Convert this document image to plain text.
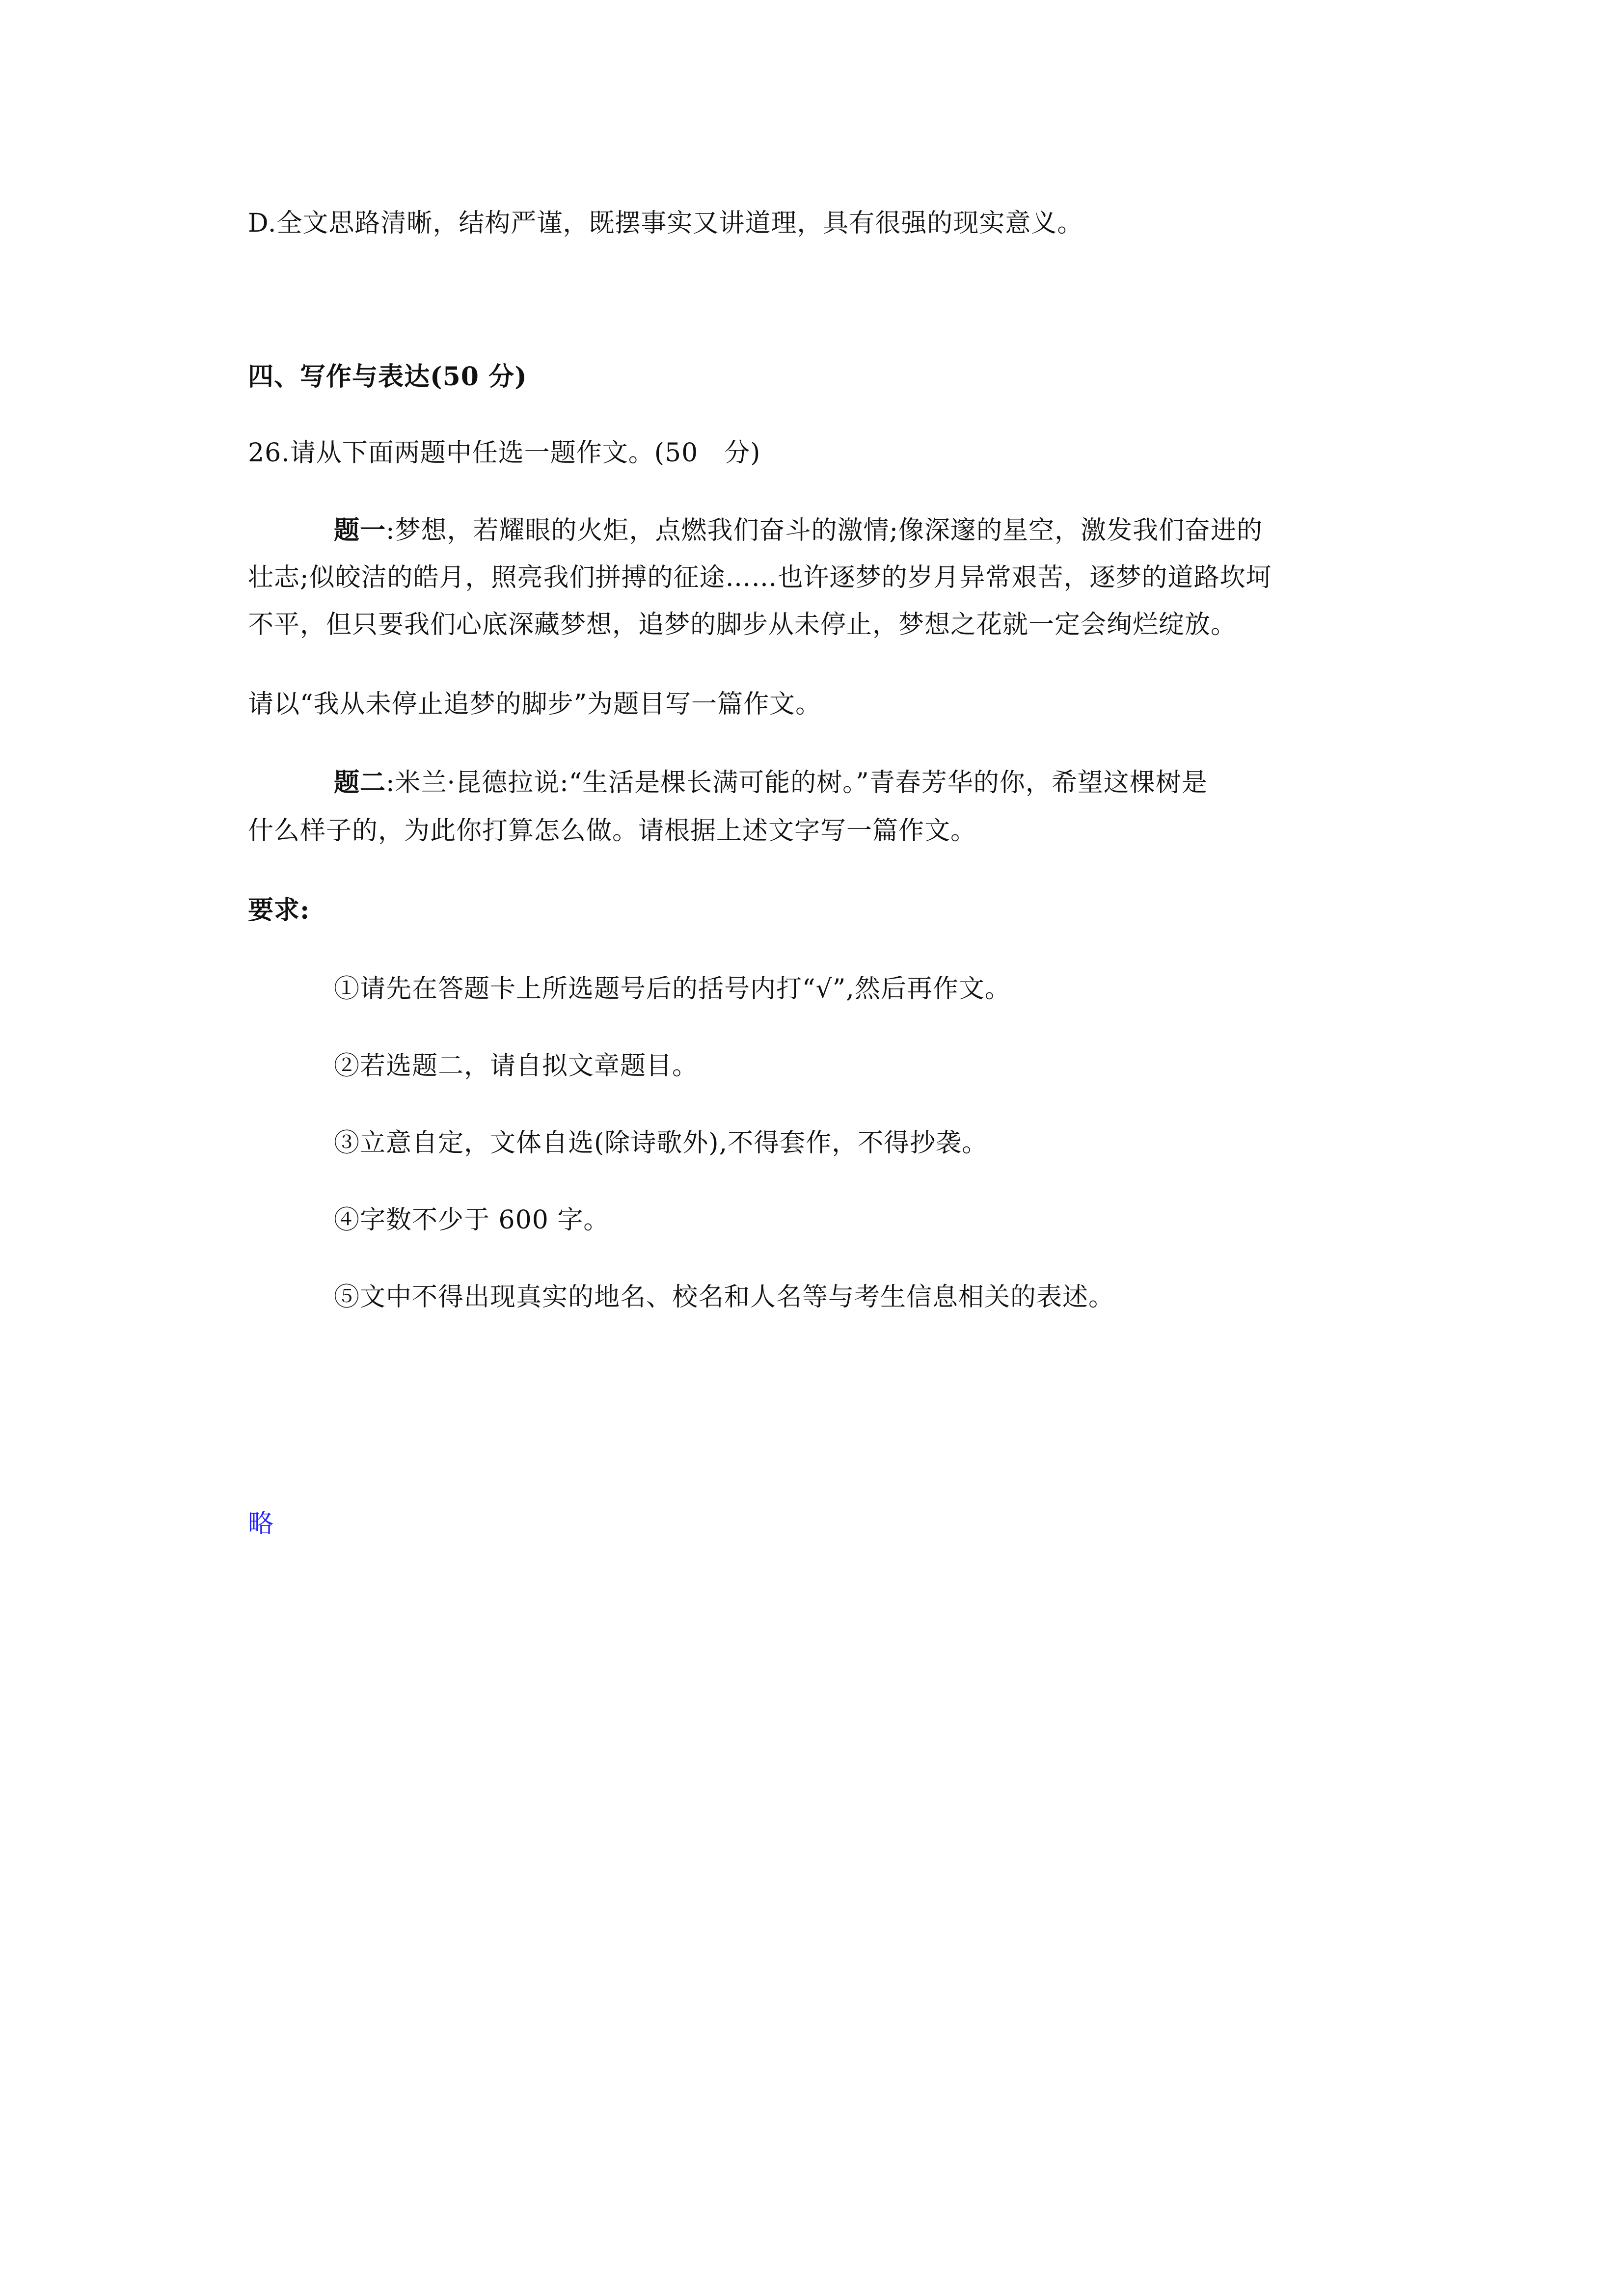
D.全文思路清晰，结构严谨，既摆事实又讲道理，具有很强的现实意义。
四、写作与表达(50 分)
26.请从下面两题中任选一题作文。(50　分)
题一:梦想，若耀眼的火炬，点燃我们奋斗的激情;像深邃的星空，激发我们奋进的
壮志;似皎洁的皓月，照亮我们拼搏的征途……也许逐梦的岁月异常艰苦，逐梦的道路坎坷
不平，但只要我们心底深藏梦想，追梦的脚步从未停止，梦想之花就一定会绚烂绽放。
请以“我从未停止追梦的脚步”为题目写一篇作文。
题二:米兰·昆德拉说:“生活是棵长满可能的树。”青春芳华的你，希望这棵树是
什么样子的，为此你打算怎么做。请根据上述文字写一篇作文。
要求:
①请先在答题卡上所选题号后的括号内打“√”,然后再作文。
②若选题二，请自拟文章题目。
③立意自定，文体自选(除诗歌外),不得套作，不得抄袭。
④字数不少于 600 字。
⑤文中不得出现真实的地名、校名和人名等与考生信息相关的表述。
略
